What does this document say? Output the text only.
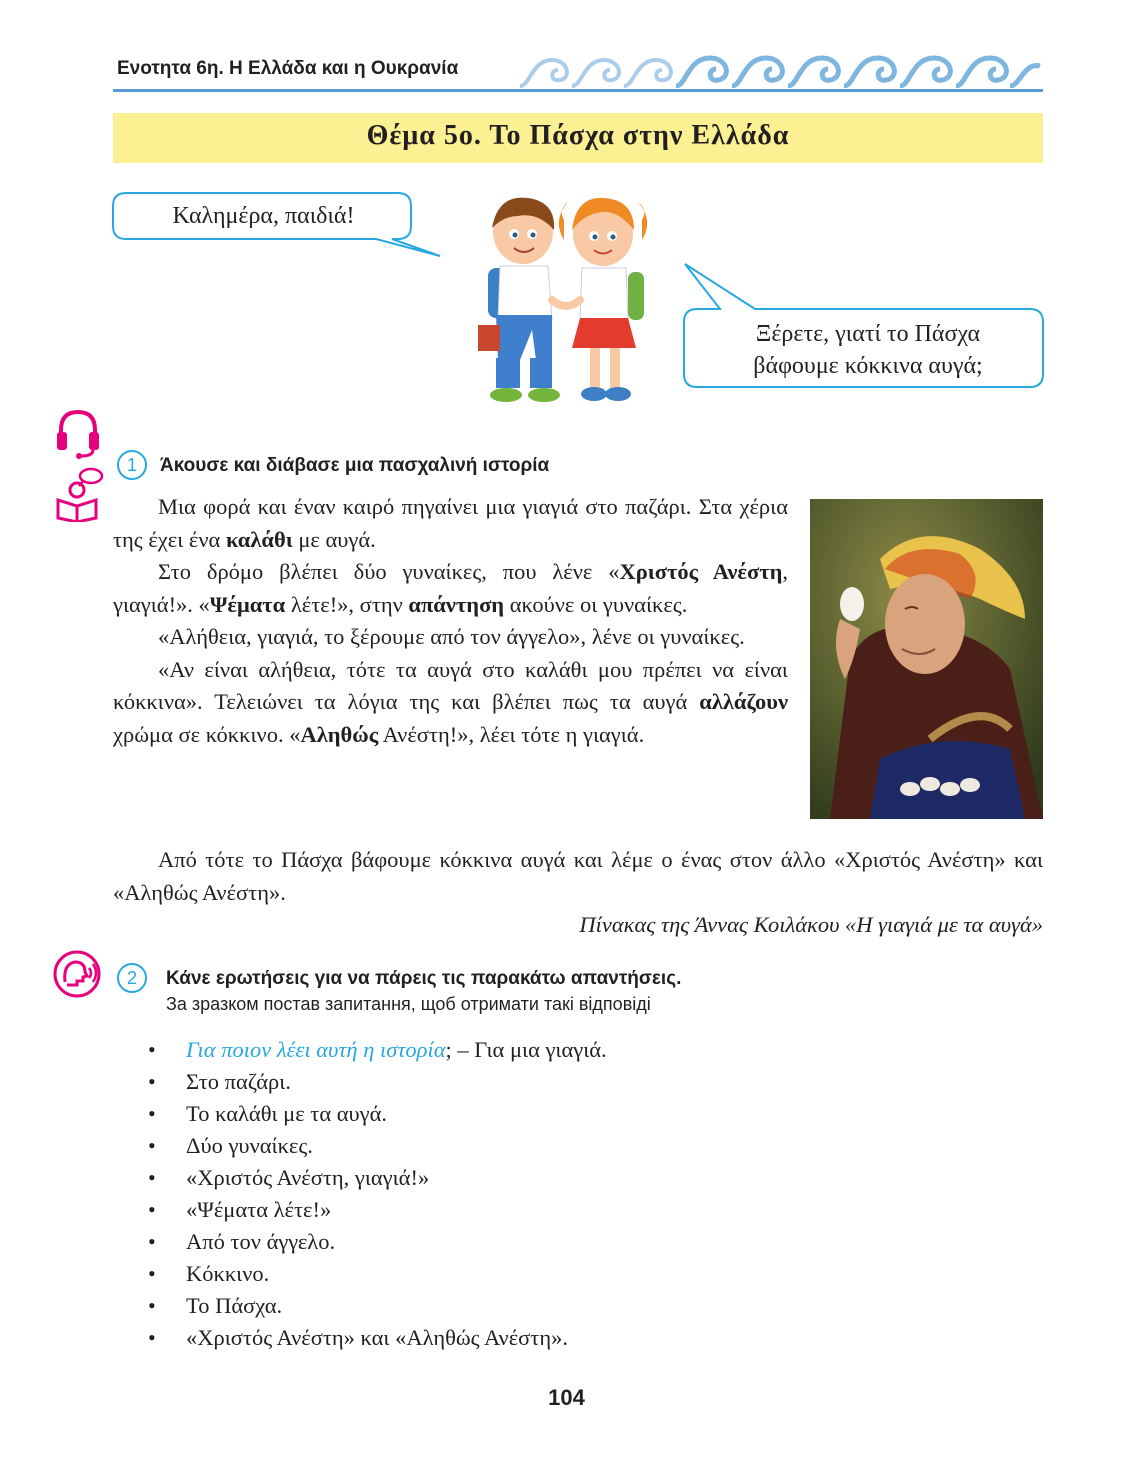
Ενοτητα 6η. Η Ελλάδα και η Ουκρανία
Θέμα 5ο. Το Πάσχα στην Ελλάδα
Καλημέρα, παιδιά!
Ξέρετε, γιατί το Πάσχα
βάφουμε κόκκινα αυγά;
1	Άκουσε και διάβασε μια πασχαλινή ιστορία

Μια φορά και έναν καιρό πηγαίνει μια γιαγιά στο παζάρι. Στα χέρια της έχει ένα καλάθι με αυγά.

Στο δρόμο βλέπει δύο γυναίκες, που λένε «Χριστός Ανέστη, γιαγιά!». «Ψέματα λέτε!», στην απάντηση ακούνε οι γυναίκες.

«Αλήθεια, γιαγιά, το ξέρουμε από τον άγγελο», λένε οι γυναίκες.

«Αν είναι αλήθεια, τότε τα αυγά στο καλάθι μου πρέπει να είναι κόκκινα». Τελειώνει τα λόγια της και βλέπει πως τα αυγά αλλάζουν χρώμα σε κόκκινο. «Αληθώς Ανέστη!», λέει τότε η γιαγιά.

Από τότε το Πάσχα βάφουμε κόκκινα αυγά και λέμε ο ένας στον άλλο «Χριστός Ανέστη» και «Αληθώς Ανέστη».

Πίνακας της Άννας Κοιλάκου «Η γιαγιά με τα αυγά»
2	Κάνε ερωτήσεις για να πάρεις τις παρακάτω απαντήσεις.
За зразком постав запитання, щоб отримати такі відповіді
• Για ποιον λέει αυτή η ιστορία; – Για μια γιαγιά.
• Στο παζάρι.
• Το καλάθι με τα αυγά.
• Δύο γυναίκες.
• «Χριστός Ανέστη, γιαγιά!»
• «Ψέματα λέτε!»
• Από τον άγγελο.
• Κόκκινο.
• Το Πάσχα.
• «Χριστός Ανέστη» και «Αληθώς Ανέστη».
104
